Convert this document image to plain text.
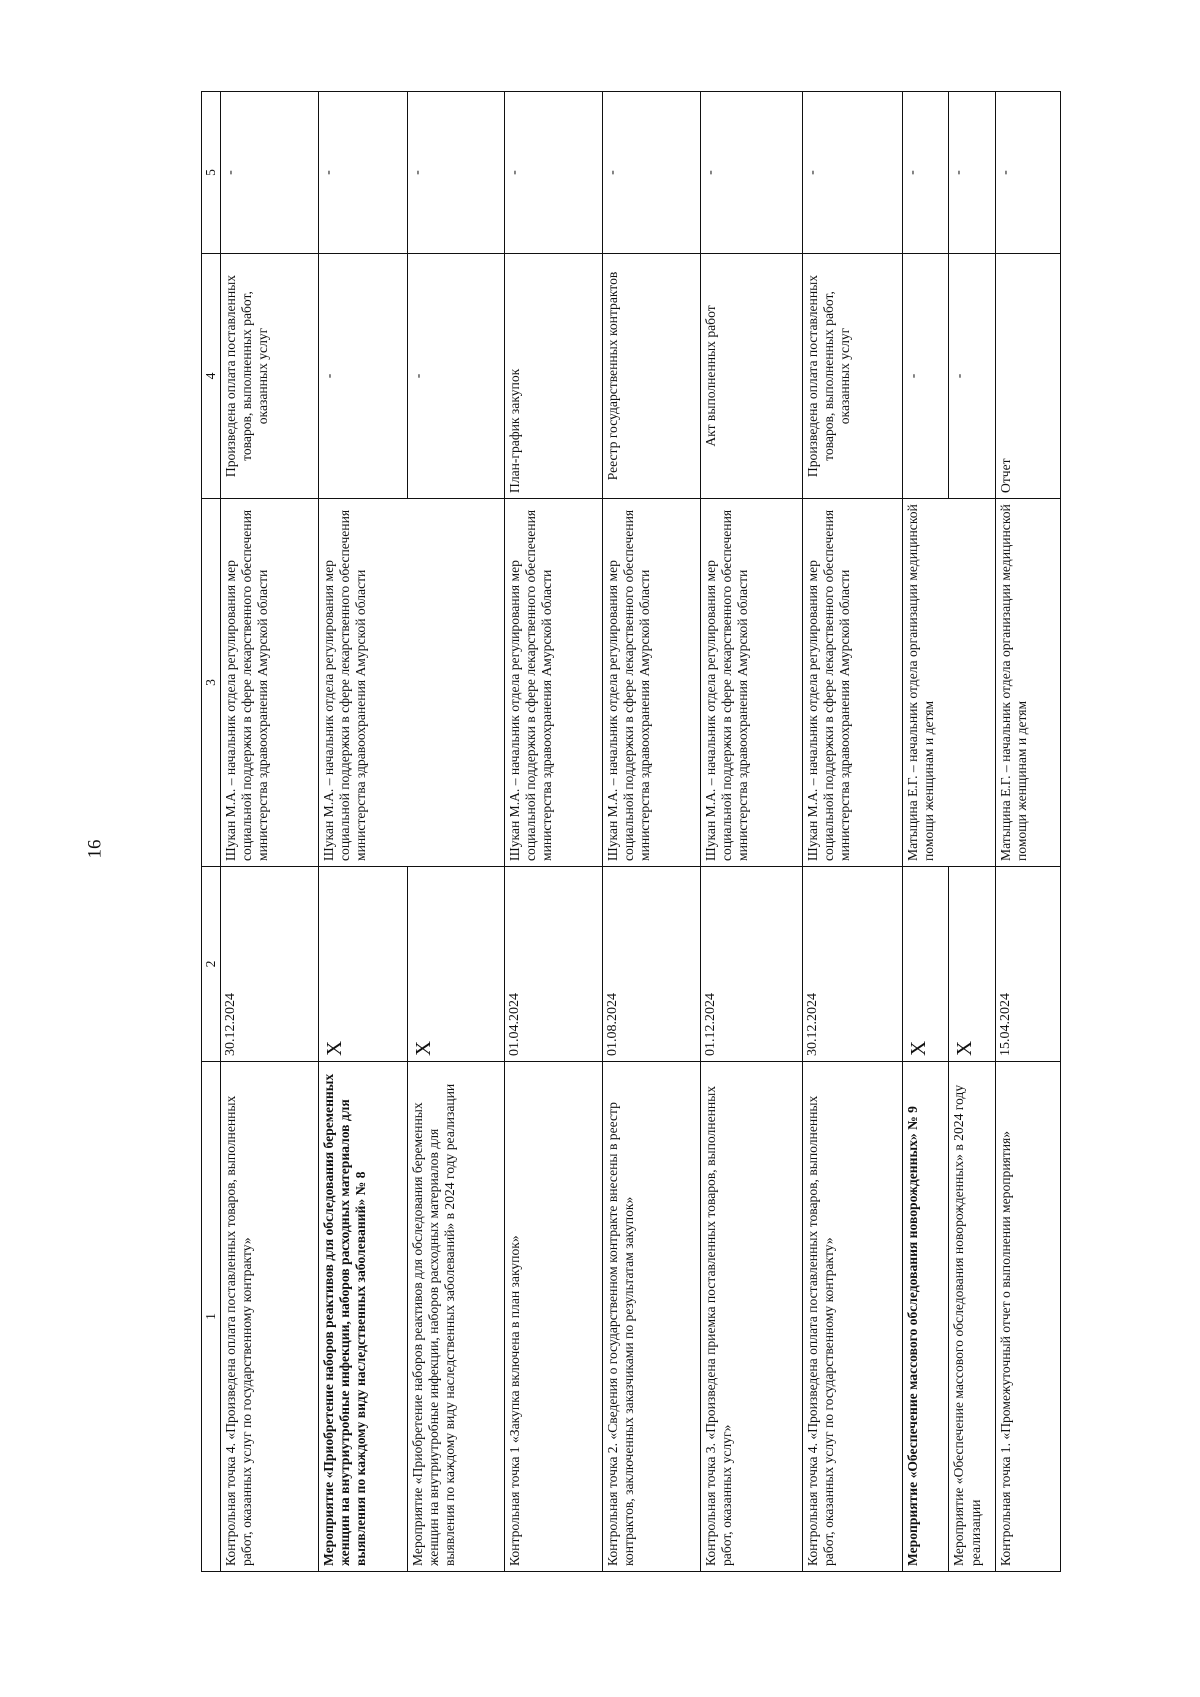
16
1	2	3	4	5
Контрольная точка 4. «Произведена оплата поставленных товаров, выполненных работ, оказанных услуг по государственному контракту»	30.12.2024	Шукан М.А. – начальник отдела регулирования мер социальной поддержки в сфере лекарственного обеспечения министерства здравоохранения Амурской области	Произведена оплата поставленных товаров, выполненных работ, оказанных услуг	-
Мероприятие «Приобретение наборов реактивов для обследования беременных женщин на внутриутробные инфекции, наборов расходных материалов для выявления по каждому виду наследственных заболеваний» № 8	Х	Шукан М.А. – начальник отдела регулирования мер социальной поддержки в сфере лекарственного обеспечения министерства здравоохранения Амурской области	-	-
Мероприятие «Приобретение наборов реактивов для обследования беременных женщин на внутриутробные инфекции, наборов расходных материалов для выявления по каждому виду наследственных заболеваний» в 2024 году реализации	Х		-	-
Контрольная точка 1 «Закупка включена в план закупок»	01.04.2024	Шукан М.А. – начальник отдела регулирования мер социальной поддержки в сфере лекарственного обеспечения министерства здравоохранения Амурской области	План-график закупок	-
Контрольная точка 2. «Сведения о государственном контракте внесены в реестр контрактов, заключенных заказчиками по результатам закупок»	01.08.2024	Шукан М.А. – начальник отдела регулирования мер социальной поддержки в сфере лекарственного обеспечения министерства здравоохранения Амурской области	Реестр государственных контрактов	-
Контрольная точка 3. «Произведена приемка поставленных товаров, выполненных работ, оказанных услуг»	01.12.2024	Шукан М.А. – начальник отдела регулирования мер социальной поддержки в сфере лекарственного обеспечения министерства здравоохранения Амурской области	Акт выполненных работ	-
Контрольная точка 4. «Произведена оплата поставленных товаров, выполненных работ, оказанных услуг по государственному контракту»	30.12.2024	Шукан М.А. – начальник отдела регулирования мер социальной поддержки в сфере лекарственного обеспечения министерства здравоохранения Амурской области	Произведена оплата поставленных товаров, выполненных работ, оказанных услуг	-
Мероприятие «Обеспечение массового обследования новорожденных» № 9	Х	Матыцина Е.Г. – начальник отдела организации медицинской помощи женщинам и детям	-	-
Мероприятие «Обеспечение массового обследования новорожденных» в 2024 году реализации	Х		-	-
Контрольная точка 1. «Промежуточный отчет о выполнении мероприятия»	15.04.2024	Матыцина Е.Г. – начальник отдела организации медицинской помощи женщинам и детям	Отчет	-
